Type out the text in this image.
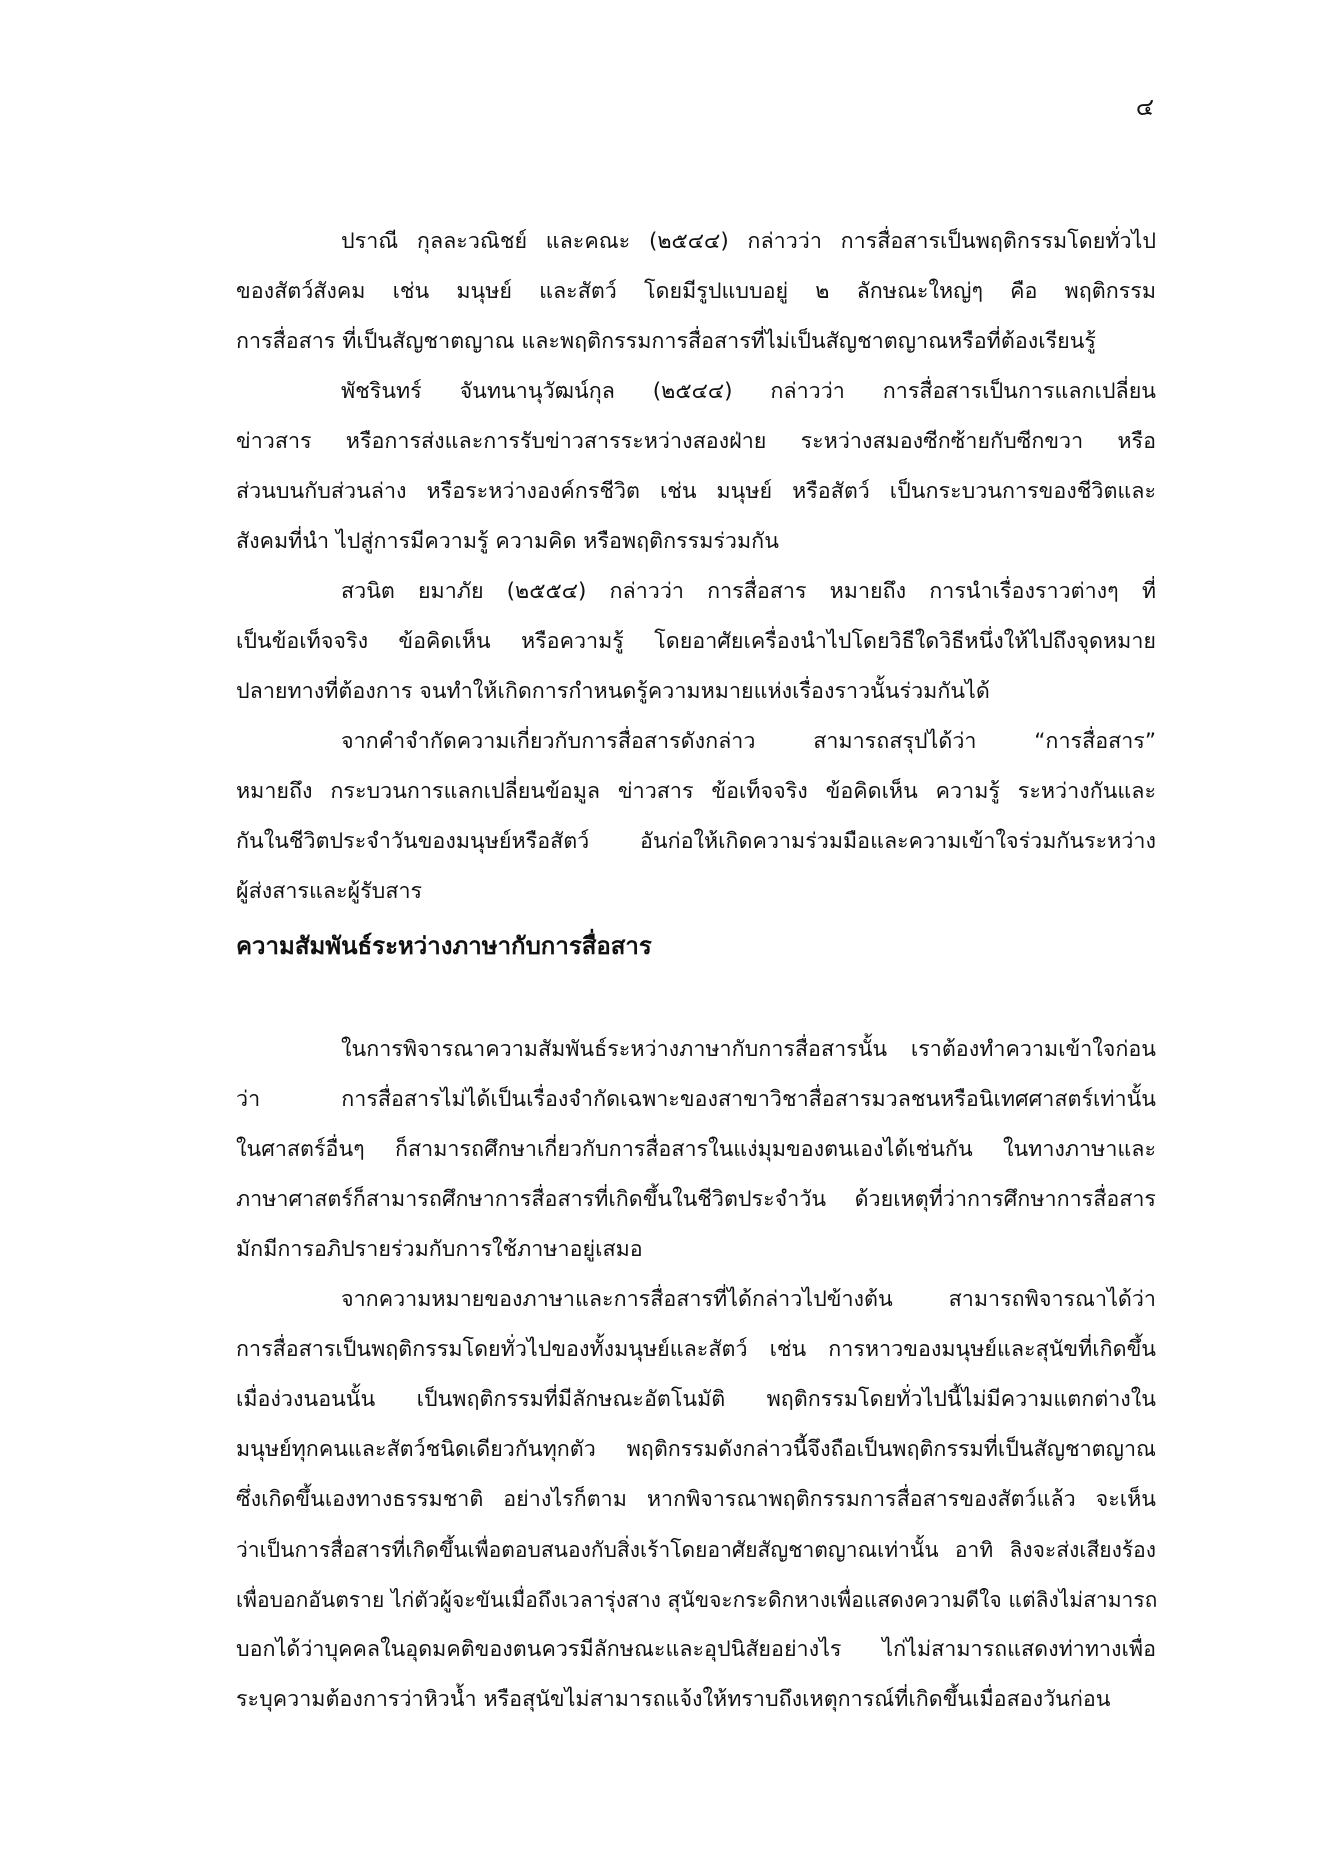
๔
ปราณี กุลละวณิชย์ และคณะ (๒๕๔๔) กล่าวว่า การสื่อสารเป็นพฤติกรรมโดยทั่วไป
ของสัตว์สังคม เช่น มนุษย์ และสัตว์ โดยมีรูปแบบอยู่ ๒ ลักษณะใหญ่ๆ คือ พฤติกรรม
การสื่อสาร ที่เป็นสัญชาตญาณ และพฤติกรรมการสื่อสารที่ไม่เป็นสัญชาตญาณหรือที่ต้องเรียนรู้
พัชรินทร์ จันทนานุวัฒน์กุล (๒๕๔๔) กล่าวว่า การสื่อสารเป็นการแลกเปลี่ยน
ข่าวสาร หรือการส่งและการรับข่าวสารระหว่างสองฝ่าย ระหว่างสมองซีกซ้ายกับซีกขวา หรือ
ส่วนบนกับส่วนล่าง หรือระหว่างองค์กรชีวิต เช่น มนุษย์ หรือสัตว์ เป็นกระบวนการของชีวิตและ
สังคมที่นำ ไปสู่การมีความรู้ ความคิด หรือพฤติกรรมร่วมกัน
สวนิต ยมาภัย (๒๕๕๔) กล่าวว่า การสื่อสาร หมายถึง การนำเรื่องราวต่างๆ ที่
เป็นข้อเท็จจริง ข้อคิดเห็น หรือความรู้ โดยอาศัยเครื่องนำไปโดยวิธีใดวิธีหนึ่งให้ไปถึงจุดหมาย
ปลายทางที่ต้องการ จนทำให้เกิดการกำหนดรู้ความหมายแห่งเรื่องราวนั้นร่วมกันได้
จากคำจำกัดความเกี่ยวกับการสื่อสารดังกล่าว สามารถสรุปได้ว่า “การสื่อสาร”
หมายถึง กระบวนการแลกเปลี่ยนข้อมูล ข่าวสาร ข้อเท็จจริง ข้อคิดเห็น ความรู้ ระหว่างกันและ
กันในชีวิตประจำวันของมนุษย์หรือสัตว์ อันก่อให้เกิดความร่วมมือและความเข้าใจร่วมกันระหว่าง
ผู้ส่งสารและผู้รับสาร
ความสัมพันธ์ระหว่างภาษากับการสื่อสาร
ในการพิจารณาความสัมพันธ์ระหว่างภาษากับการสื่อสารนั้น เราต้องทำความเข้าใจก่อน
ว่า การสื่อสารไม่ได้เป็นเรื่องจำกัดเฉพาะของสาขาวิชาสื่อสารมวลชนหรือนิเทศศาสตร์เท่านั้น
ในศาสตร์อื่นๆ ก็สามารถศึกษาเกี่ยวกับการสื่อสารในแง่มุมของตนเองได้เช่นกัน ในทางภาษาและ
ภาษาศาสตร์ก็สามารถศึกษาการสื่อสารที่เกิดขึ้นในชีวิตประจำวัน ด้วยเหตุที่ว่าการศึกษาการสื่อสาร
มักมีการอภิปรายร่วมกับการใช้ภาษาอยู่เสมอ
จากความหมายของภาษาและการสื่อสารที่ได้กล่าวไปข้างต้น สามารถพิจารณาได้ว่า
การสื่อสารเป็นพฤติกรรมโดยทั่วไปของทั้งมนุษย์และสัตว์ เช่น การหาวของมนุษย์และสุนัขที่เกิดขึ้น
เมื่อง่วงนอนนั้น เป็นพฤติกรรมที่มีลักษณะอัตโนมัติ พฤติกรรมโดยทั่วไปนี้ไม่มีความแตกต่างใน
มนุษย์ทุกคนและสัตว์ชนิดเดียวกันทุกตัว พฤติกรรมดังกล่าวนี้จึงถือเป็นพฤติกรรมที่เป็นสัญชาตญาณ
ซึ่งเกิดขึ้นเองทางธรรมชาติ อย่างไรก็ตาม หากพิจารณาพฤติกรรมการสื่อสารของสัตว์แล้ว จะเห็น
ว่าเป็นการสื่อสารที่เกิดขึ้นเพื่อตอบสนองกับสิ่งเร้าโดยอาศัยสัญชาตญาณเท่านั้น อาทิ ลิงจะส่งเสียงร้อง
เพื่อบอกอันตราย ไก่ตัวผู้จะขันเมื่อถึงเวลารุ่งสาง สุนัขจะกระดิกหางเพื่อแสดงความดีใจ แต่ลิงไม่สามารถ
บอกได้ว่าบุคคลในอุดมคติของตนควรมีลักษณะและอุปนิสัยอย่างไร ไก่ไม่สามารถแสดงท่าทางเพื่อ
ระบุความต้องการว่าหิวน้ำ หรือสุนัขไม่สามารถแจ้งให้ทราบถึงเหตุการณ์ที่เกิดขึ้นเมื่อสองวันก่อน
